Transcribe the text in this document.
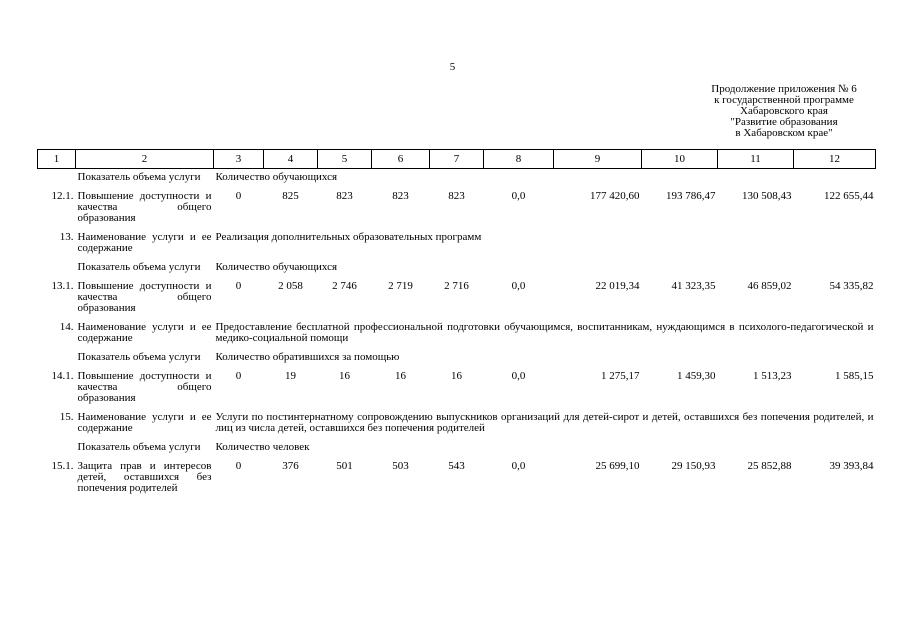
5
Продолжение приложения № 6
к государственной программе
Хабаровского края
"Развитие образования
в Хабаровском крае"
1	2	3	4	5	6	7	8	9	10	11	12
	Показатель объема услуги	Количество обучающихся									

12.1.	Повышение доступности и качества общего образования	0	825	823	823	823	0,0	177 420,60	193 786,47	130 508,43	122 655,44

13.	Наименование услуги и ее содержание	Реализация дополнительных образовательных программ									

	Показатель объема услуги	Количество обучающихся									

13.1.	Повышение доступности и качества общего образования	0	2 058	2 746	2 719	2 716	0,0	22 019,34	41 323,35	46 859,02	54 335,82

14.	Наименование услуги и ее содержание	Предоставление бесплатной профессиональной подготовки обучающимся, воспитанникам, нуждающимся в психолого-педагогической и медико-социальной помощи									

	Показатель объема услуги	Количество обратившихся за помощью									

14.1.	Повышение доступности и качества общего образования	0	19	16	16	16	0,0	1 275,17	1 459,30	1 513,23	1 585,15

15.	Наименование услуги и ее содержание	Услуги по постинтернатному сопровождению выпускников организаций для детей-сирот и детей, оставшихся без попечения родителей, и лиц из числа детей, оставшихся без попечения родителей									

	Показатель объема услуги	Количество человек									

15.1.	Защита прав и интересов детей, оставшихся без попечения родителей	0	376	501	503	543	0,0	25 699,10	29 150,93	25 852,88	39 393,84
